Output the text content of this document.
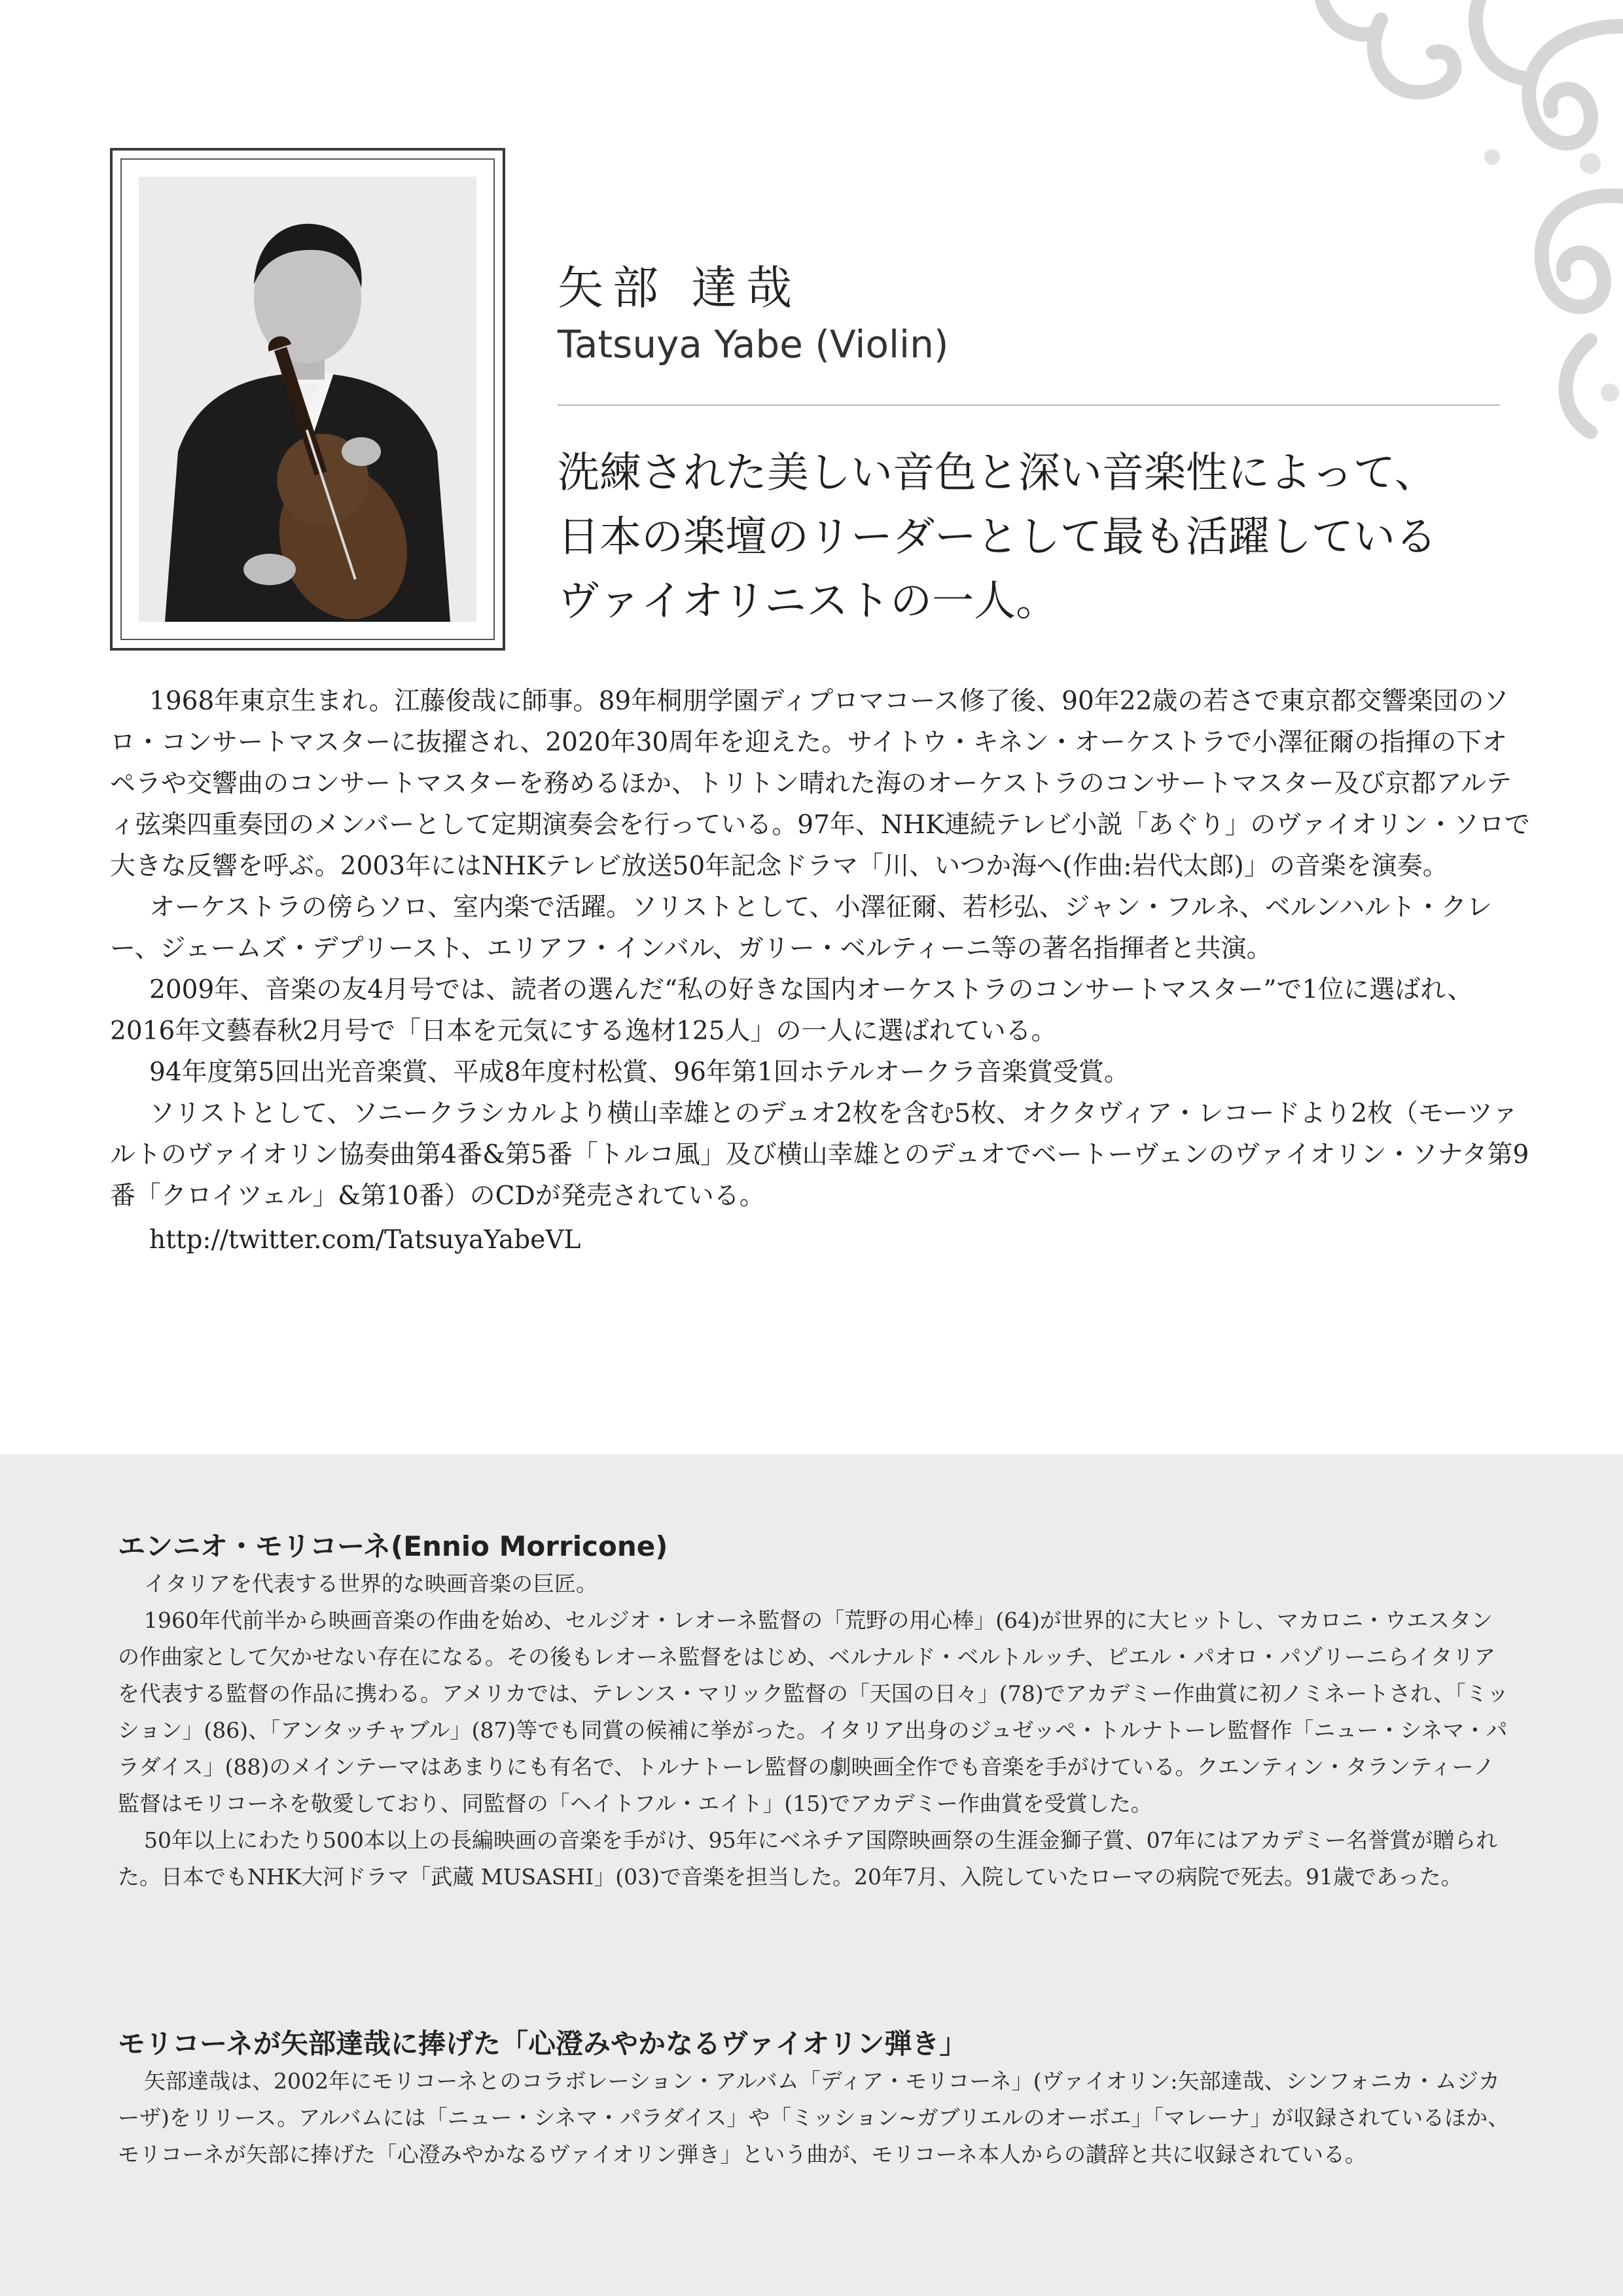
矢部 達哉
Tatsuya Yabe (Violin)
洗練された美しい音色と深い音楽性によって、
日本の楽壇のリーダーとして最も活躍している
ヴァイオリニストの一人。

1968年東京生まれ。江藤俊哉に師事。89年桐朋学園ディプロマコース修了後、90年22歳の若さで東京都交響楽団のソロ・コンサートマスターに抜擢され、2020年30周年を迎えた。サイトウ・キネン・オーケストラで小澤征爾の指揮の下オペラや交響曲のコンサートマスターを務めるほか、トリトン晴れた海のオーケストラのコンサートマスター及び京都アルティ弦楽四重奏団のメンバーとして定期演奏会を行っている。97年、NHK連続テレビ小説「あぐり」のヴァイオリン・ソロで大きな反響を呼ぶ。2003年にはNHKテレビ放送50年記念ドラマ「川、いつか海へ(作曲:岩代太郎)」の音楽を演奏。

オーケストラの傍らソロ、室内楽で活躍。ソリストとして、小澤征爾、若杉弘、ジャン・フルネ、ベルンハルト・クレー、ジェームズ・デプリースト、エリアフ・インバル、ガリー・ベルティーニ等の著名指揮者と共演。

2009年、音楽の友4月号では、読者の選んだ“私の好きな国内オーケストラのコンサートマスター”で1位に選ばれ、2016年文藝春秋2月号で「日本を元気にする逸材125人」の一人に選ばれている。

94年度第5回出光音楽賞、平成8年度村松賞、96年第1回ホテルオークラ音楽賞受賞。

ソリストとして、ソニークラシカルより横山幸雄とのデュオ2枚を含む5枚、オクタヴィア・レコードより2枚（モーツァルトのヴァイオリン協奏曲第4番&第5番「トルコ風」及び横山幸雄とのデュオでベートーヴェンのヴァイオリン・ソナタ第9番「クロイツェル」&第10番）のCDが発売されている。

http://twitter.com/TatsuyaYabeVL

エンニオ・モリコーネ(Ennio Morricone)

イタリアを代表する世界的な映画音楽の巨匠。

1960年代前半から映画音楽の作曲を始め、セルジオ・レオーネ監督の「荒野の用心棒」(64)が世界的に大ヒットし、マカロニ・ウエスタンの作曲家として欠かせない存在になる。その後もレオーネ監督をはじめ、ベルナルド・ベルトルッチ、ピエル・パオロ・パゾリーニらイタリアを代表する監督の作品に携わる。アメリカでは、テレンス・マリック監督の「天国の日々」(78)でアカデミー作曲賞に初ノミネートされ、「ミッション」(86)、「アンタッチャブル」(87)等でも同賞の候補に挙がった。イタリア出身のジュゼッペ・トルナトーレ監督作「ニュー・シネマ・パラダイス」(88)のメインテーマはあまりにも有名で、トルナトーレ監督の劇映画全作でも音楽を手がけている。クエンティン・タランティーノ監督はモリコーネを敬愛しており、同監督の「ヘイトフル・エイト」(15)でアカデミー作曲賞を受賞した。

50年以上にわたり500本以上の長編映画の音楽を手がけ、95年にベネチア国際映画祭の生涯金獅子賞、07年にはアカデミー名誉賞が贈られた。日本でもNHK大河ドラマ「武蔵 MUSASHI」(03)で音楽を担当した。20年7月、入院していたローマの病院で死去。91歳であった。

モリコーネが矢部達哉に捧げた「心澄みやかなるヴァイオリン弾き」

矢部達哉は、2002年にモリコーネとのコラボレーション・アルバム「ディア・モリコーネ」(ヴァイオリン:矢部達哉、シンフォニカ・ムジカーザ)をリリース。アルバムには「ニュー・シネマ・パラダイス」や「ミッション~ガブリエルのオーボエ」「マレーナ」が収録されているほか、モリコーネが矢部に捧げた「心澄みやかなるヴァイオリン弾き」という曲が、モリコーネ本人からの讃辞と共に収録されている。
